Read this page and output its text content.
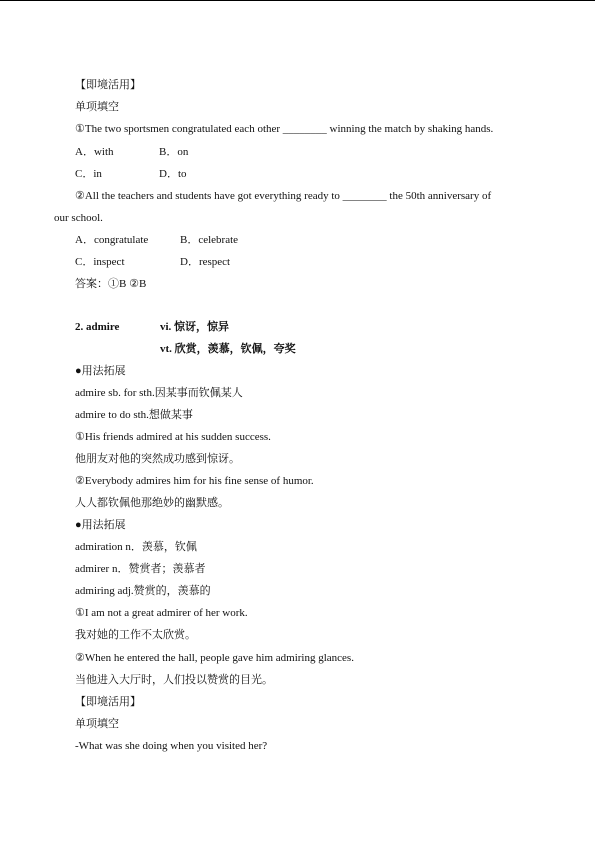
【即境活用】
单项填空
①The two sportsmen congratulated each other ________ winning the match by shaking hands.
A．with	B．on
C．in	D．to
②All the teachers and students have got everything ready to ________ the 50th anniversary of
our school.
A．congratulate	B．celebrate
C．inspect	D．respect
答案：①B ②B
2. admire	vi. 惊讶，惊异
vt. 欣赏，羡慕，钦佩，夸奖
●用法拓展
admire sb. for sth.因某事而钦佩某人
admire to do sth.想做某事
①His friends admired at his sudden success.
他朋友对他的突然成功感到惊讶。
②Everybody admires him for his fine sense of humor.
人人都钦佩他那绝妙的幽默感。
●用法拓展
admiration n．羡慕，钦佩
admirer n．赞赏者；羡慕者
admiring adj.赞赏的，羡慕的
①I am not a great admirer of her work.
我对她的工作不太欣赏。
②When he entered the hall, people gave him admiring glances.
当他进入大厅时，人们投以赞赏的目光。
【即境活用】
单项填空
-What was she doing when you visited her?
